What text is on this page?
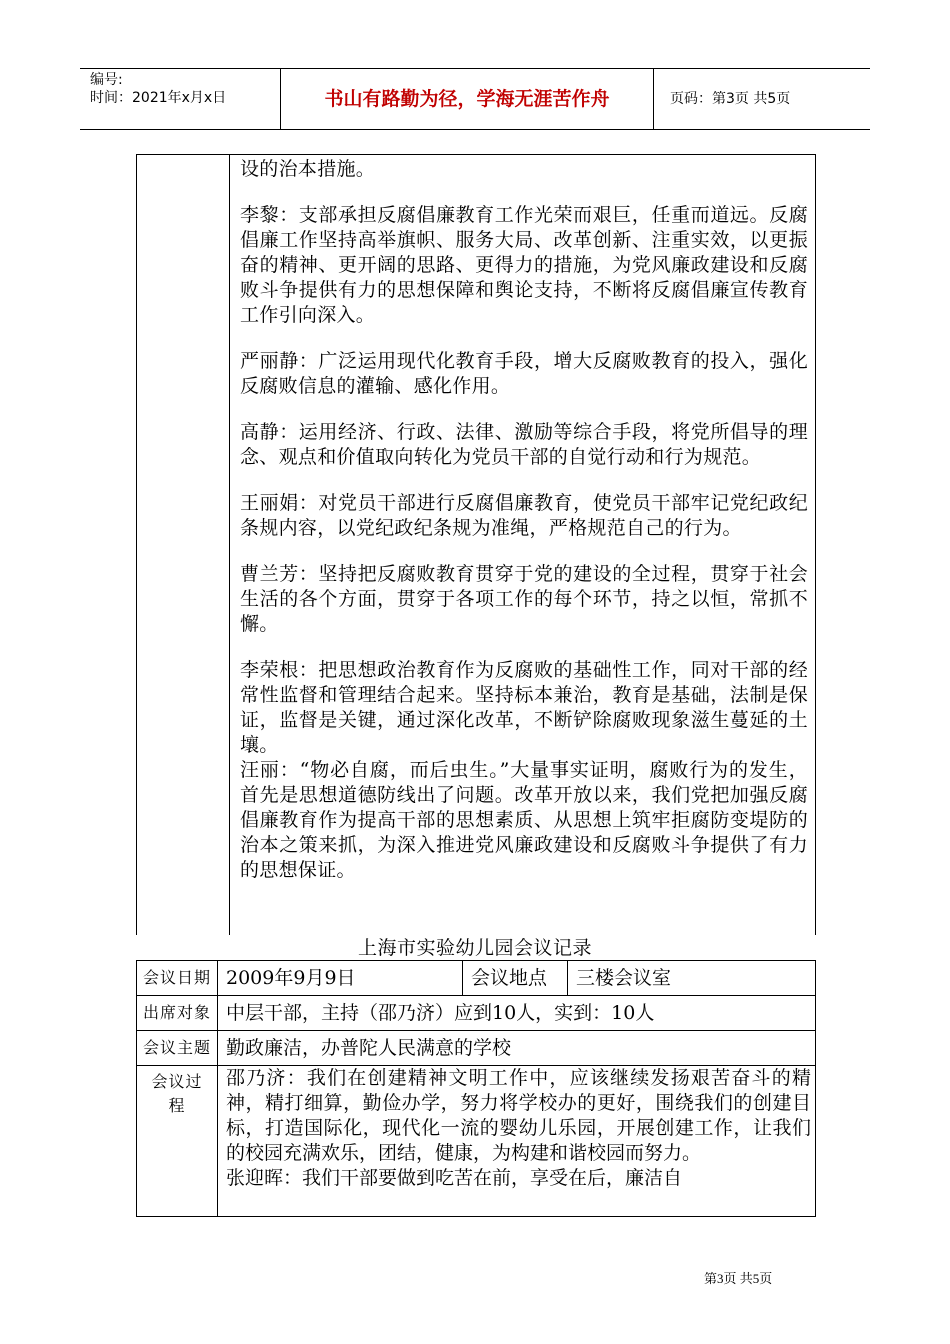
编号:
时间：2021年x月x日	书山有路勤为径，学海无涯苦作舟	页码：第3页 共5页

设的治本措施。

李黎：支部承担反腐倡廉教育工作光荣而艰巨，任重而道远。反腐倡廉工作坚持高举旗帜、服务大局、改革创新、注重实效，以更振奋的精神、更开阔的思路、更得力的措施，为党风廉政建设和反腐败斗争提供有力的思想保障和舆论支持，不断将反腐倡廉宣传教育工作引向深入。

严丽静：广泛运用现代化教育手段，增大反腐败教育的投入，强化反腐败信息的灌输、感化作用。

高静：运用经济、行政、法律、激励等综合手段，将党所倡导的理念、观点和价值取向转化为党员干部的自觉行动和行为规范。

王丽娟：对党员干部进行反腐倡廉教育，使党员干部牢记党纪政纪条规内容，以党纪政纪条规为准绳，严格规范自己的行为。

曹兰芳：坚持把反腐败教育贯穿于党的建设的全过程，贯穿于社会生活的各个方面，贯穿于各项工作的每个环节，持之以恒，常抓不懈。

李荣根：把思想政治教育作为反腐败的基础性工作，同对干部的经常性监督和管理结合起来。坚持标本兼治，教育是基础，法制是保证，监督是关键，通过深化改革，不断铲除腐败现象滋生蔓延的土壤。

汪丽：“物必自腐，而后虫生。”大量事实证明，腐败行为的发生，首先是思想道德防线出了问题。改革开放以来，我们党把加强反腐倡廉教育作为提高干部的思想素质、从思想上筑牢拒腐防变堤防的治本之策来抓，为深入推进党风廉政建设和反腐败斗争提供了有力的思想保证。

上海市实验幼儿园会议记录
会议日期	2009年9月9日	会议地点	三楼会议室
出席对象	中层干部，主持（邵乃济）应到10人，实到：10人		
会议主题	勤政廉洁，办普陀人民满意的学校		
会议过程	邵乃济：我们在创建精神文明工作中，应该继续发扬艰苦奋斗的精神，精打细算，勤俭办学，努力将学校办的更好，围绕我们的创建目标，打造国际化，现代化一流的婴幼儿乐园，开展创建工作，让我们的校园充满欢乐，团结，健康，为构建和谐校园而努力。
张迎晖：我们干部要做到吃苦在前，享受在后，廉洁自		
第3页 共5页
